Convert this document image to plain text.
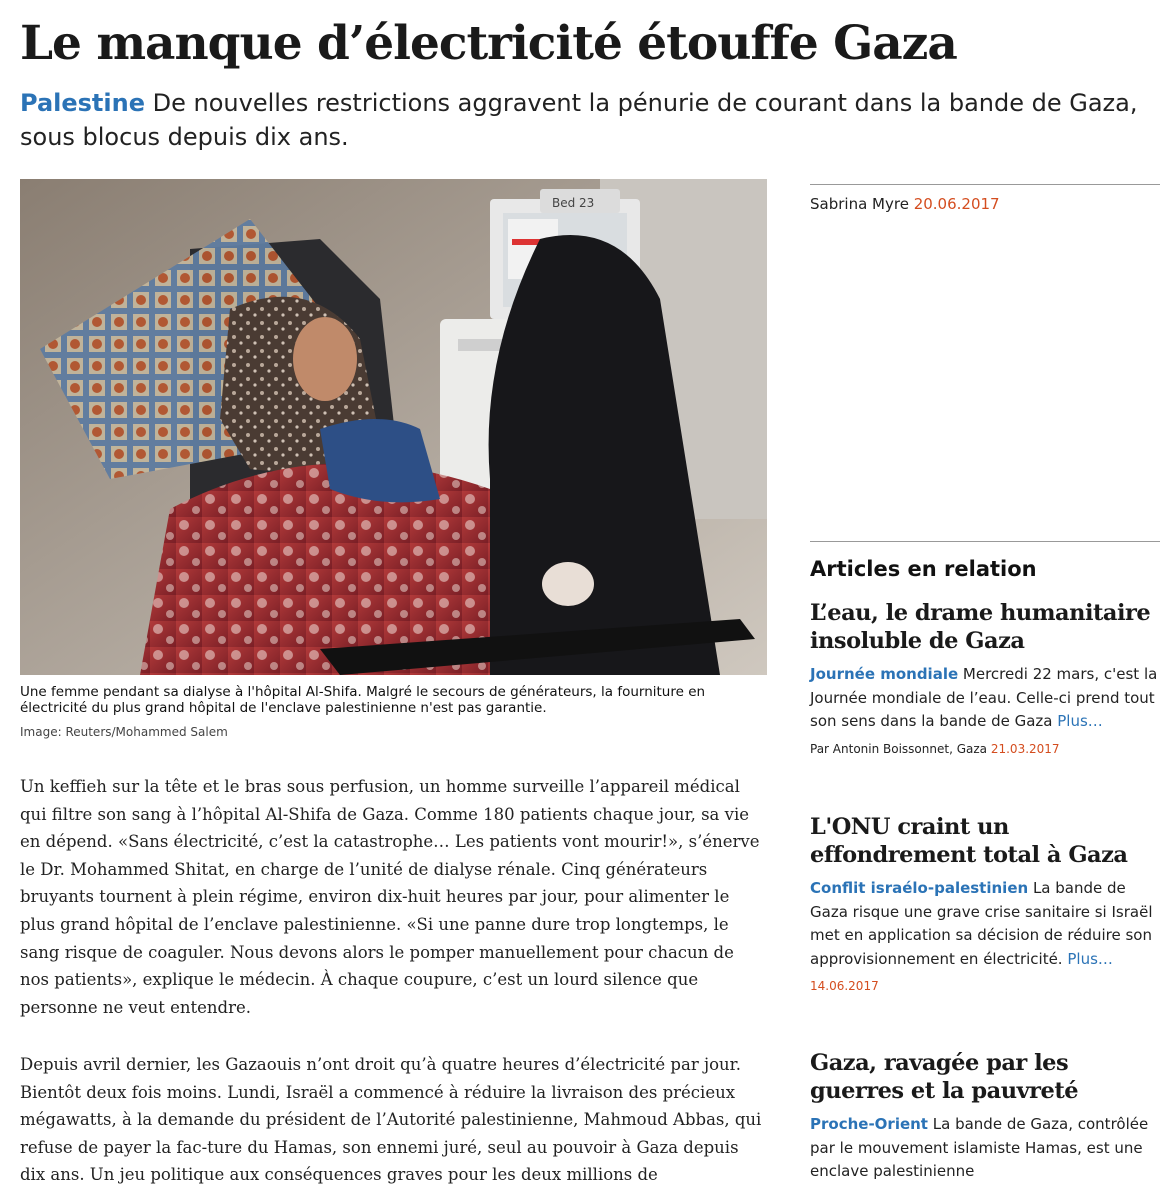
Le manque d’électricité étouffe Gaza

Palestine De nouvelles restrictions aggravent la pénurie de courant dans la bande de Gaza, sous blocus depuis dix ans.

Bed 23

Une femme pendant sa dialyse à l'hôpital Al-Shifa. Malgré le secours de générateurs, la fourniture en électricité du plus grand hôpital de l'enclave palestinienne n'est pas garantie.

Image: Reuters/Mohammed Salem

Un keffieh sur la tête et le bras sous perfusion, un homme surveille l’appareil médical qui filtre son sang à l’hôpital Al-Shifa de Gaza. Comme 180 patients chaque jour, sa vie en dépend. «Sans électricité, c’est la catastrophe… Les patients vont mourir!», s’énerve le Dr. Mohammed Shitat, en charge de l’unité de dialyse rénale. Cinq générateurs bruyants tournent à plein régime, environ dix-huit heures par jour, pour alimenter le plus grand hôpital de l’enclave palestinienne. «Si une panne dure trop longtemps, le sang risque de coaguler. Nous devons alors le pomper manuellement pour chacun de nos patients», explique le médecin. À chaque coupure, c’est un lourd silence que personne ne veut entendre.

Depuis avril dernier, les Gazaouis n’ont droit qu’à quatre heures d’électricité par jour. Bientôt deux fois moins. Lundi, Israël a commencé à réduire la livraison des précieux mégawatts, à la demande du président de l’Autorité palestinienne, Mahmoud Abbas, qui refuse de payer la fac-ture du Hamas, son ennemi juré, seul au pouvoir à Gaza depuis dix ans. Un jeu politique aux conséquences graves pour les deux millions de

Sabrina Myre 20.06.2017

Articles en relation
L’eau, le drame humanitaire insoluble de Gaza

Journée mondiale Mercredi 22 mars, c'est la Journée mondiale de l’eau. Celle-ci prend tout son sens dans la bande de Gaza Plus…

Par Antonin Boissonnet, Gaza 21.03.2017

L'ONU craint un effondrement total à Gaza

Conflit israélo-palestinien La bande de Gaza risque une grave crise sanitaire si Israël met en application sa décision de réduire son approvisionnement en électricité. Plus…

14.06.2017

Gaza, ravagée par les guerres et la pauvreté

Proche-Orient La bande de Gaza, contrôlée par le mouvement islamiste Hamas, est une enclave palestinienne
